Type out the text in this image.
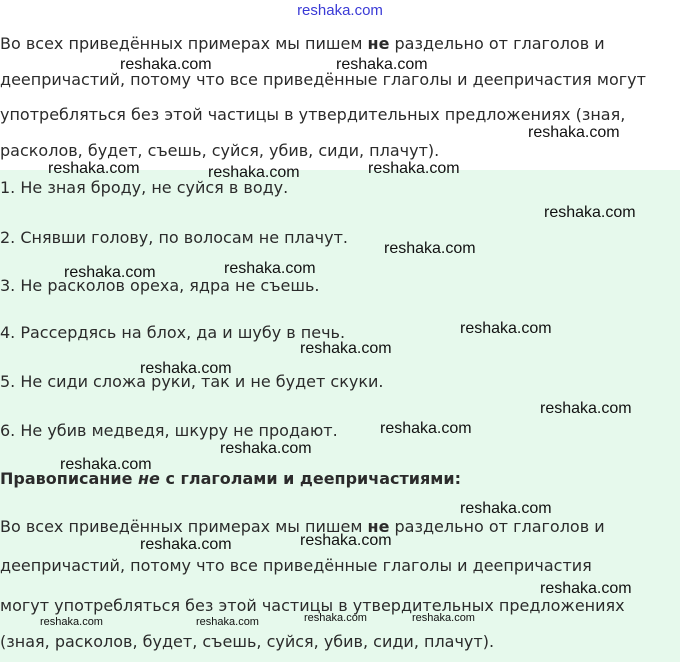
reshaka.com
Во всех приведённых примерах мы пишем не раздельно от глаголов и
деепричастий, потому что все приведённые глаголы и деепричастия могут
употребляться без этой частицы в утвердительных предложениях (зная,
расколов, будет, съешь, суйся, убив, сиди, плачут).
1. Не зная броду, не суйся в воду.
2. Снявши голову, по волосам не плачут.
3. Не расколов ореха, ядра не съешь.
4. Рассердясь на блох, да и шубу в печь.
5. Не сиди сложа руки, так и не будет скуки.
6. Не убив медведя, шкуру не продают.
Правописание не с глаголами и деепричастиями:
Во всех приведённых примерах мы пишем не раздельно от глаголов и
деепричастий, потому что все приведённые глаголы и деепричастия
могут употребляться без этой частицы в утвердительных предложениях
(зная, расколов, будет, съешь, суйся, убив, сиди, плачут).
reshaka.com	reshaka.com
reshaka.com
reshaka.com	reshaka.com	reshaka.com
reshaka.com
reshaka.com
reshaka.com	reshaka.com
reshaka.com
reshaka.com
reshaka.com
reshaka.com
reshaka.com
reshaka.com
reshaka.com
reshaka.com
reshaka.com
reshaka.com
reshaka.com
reshaka.com	reshaka.com	reshaka.com	reshaka.com
